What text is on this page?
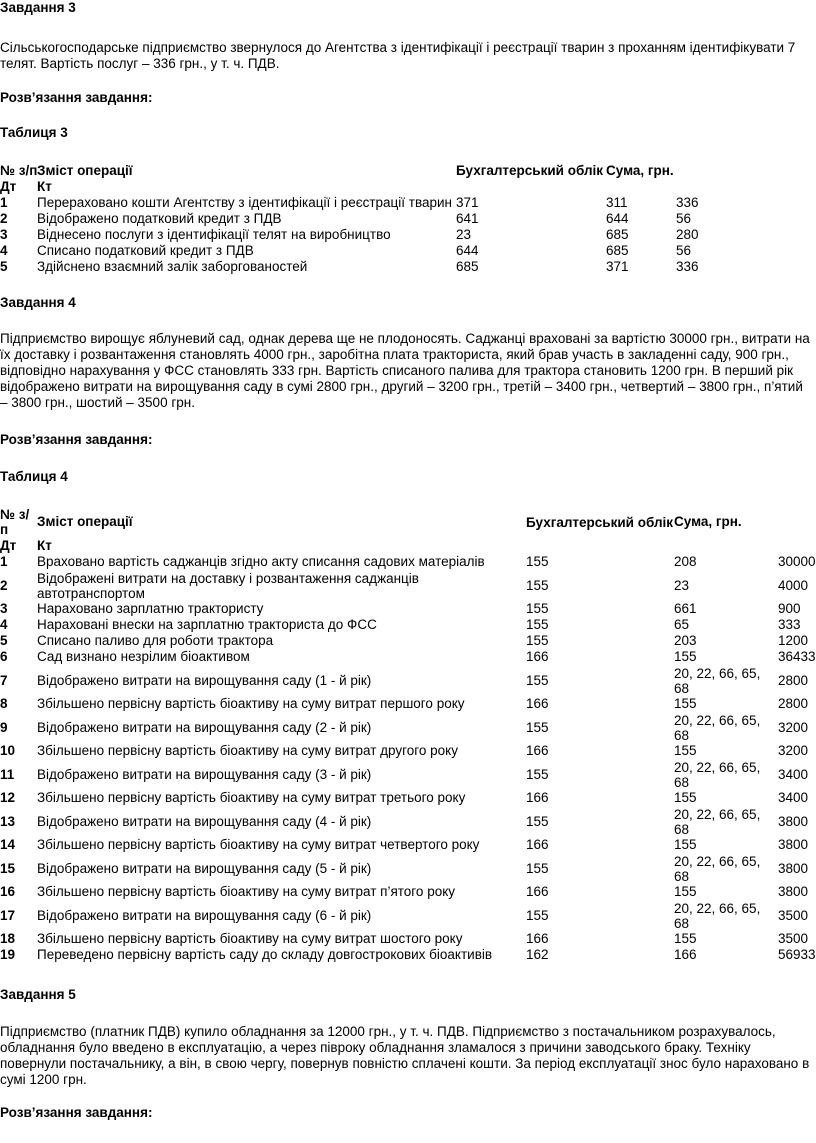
Завдання 3
Сільськогосподарське підприємство звернулося до Агентства з ідентифікації і реєстрації тварин з проханням ідентифікувати 7 телят. Вартість послуг – 336 грн., у т. ч. ПДВ.
Розв’язання завдання:
Таблиця 3
№ з/п	Зміст операції	Бухгалтерський облік	Сума, грн.	
Дт	Кт			
1	Перераховано кошти Агентству з ідентифікації і реєстрації тварин	371	311	336
2	Відображено податковий кредит з ПДВ	641	644	56
3	Віднесено послуги з ідентифікації телят на виробництво	23	685	280
4	Списано податковий кредит з ПДВ	644	685	56
5	Здійснено взаємний залік заборгованостей	685	371	336
Завдання 4
Підприємство вирощує яблуневий сад, однак дерева ще не плодоносять. Саджанці враховані за вартістю 30000 грн., витрати на їх доставку і розвантаження становлять 4000 грн., заробітна плата тракториста, який брав участь в закладенні саду, 900 грн., відповідно нарахування у ФСС становлять 333 грн. Вартість списаного палива для трактора становить 1200 грн. В перший рік відображено витрати на вирощування саду в сумі 2800 грн., другий – 3200 грн., третій – 3400 грн., четвертий – 3800 грн., п’ятий – 3800 грн., шостий – 3500 грн.
Розв’язання завдання:
Таблиця 4
№ з/п	Зміст операції	Бухгалтерський облік	Сума, грн.	
Дт	Кт			
1	Враховано вартість саджанців згідно акту списання садових матеріалів	155	208	30000
2	Відображені витрати на доставку і розвантаження саджанців автотранспортом	155	23	4000
3	Нараховано зарплатню трактористу	155	661	900
4	Нараховані внески на зарплатню тракториста до ФСС	155	65	333
5	Списано паливо для роботи трактора	155	203	1200
6	Сад визнано незрілим біоактивом	166	155	36433
7	Відображено витрати на вирощування саду (1 - й рік)	155	20, 22, 66, 65, 68	2800
8	Збільшено первісну вартість біоактиву на суму витрат першого року	166	155	2800
9	Відображено витрати на вирощування саду (2 - й рік)	155	20, 22, 66, 65, 68	3200
10	Збільшено первісну вартість біоактиву на суму витрат другого року	166	155	3200
11	Відображено витрати на вирощування саду (3 - й рік)	155	20, 22, 66, 65, 68	3400
12	Збільшено первісну вартість біоактиву на суму витрат третього року	166	155	3400
13	Відображено витрати на вирощування саду (4 - й рік)	155	20, 22, 66, 65, 68	3800
14	Збільшено первісну вартість біоактиву на суму витрат четвертого року	166	155	3800
15	Відображено витрати на вирощування саду (5 - й рік)	155	20, 22, 66, 65, 68	3800
16	Збільшено первісну вартість біоактиву на суму витрат п’ятого року	166	155	3800
17	Відображено витрати на вирощування саду (6 - й рік)	155	20, 22, 66, 65, 68	3500
18	Збільшено первісну вартість біоактиву на суму витрат шостого року	166	155	3500
19	Переведено первісну вартість саду до складу довгострокових біоактивів	162	166	56933
Завдання 5
Підприємство (платник ПДВ) купило обладнання за 12000 грн., у т. ч. ПДВ. Підприємство з постачальником розрахувалось, обладнання було введено в експлуатацію, а через півроку обладнання зламалося з причини заводського браку. Техніку повернули постачальнику, а він, в свою чергу, повернув повністю сплачені кошти. За період експлуатації знос було нараховано в сумі 1200 грн.
Розв’язання завдання:
